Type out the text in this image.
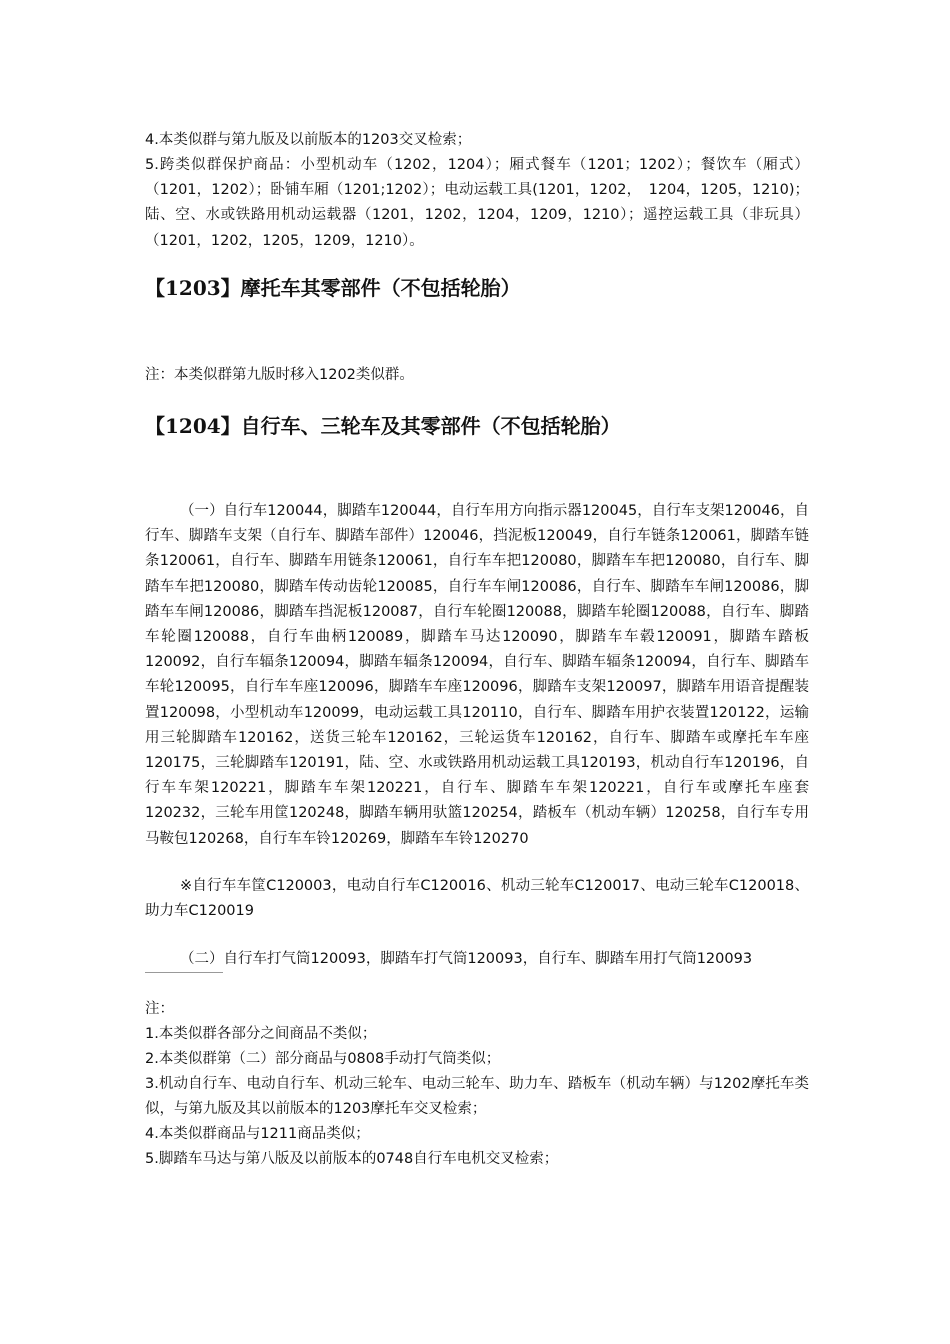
4.本类似群与第九版及以前版本的1203交叉检索；

5.跨类似群保护商品：小型机动车（1202，1204）；厢式餐车（1201；1202）；餐饮车（厢式）（1201，1202）；卧铺车厢（1201;1202）；电动运载工具(1201，1202，　1204，1205，1210)；陆、空、水或铁路用机动运载器（1201，1202，1204，1209，1210）；遥控运载工具（非玩具）（1201，1202，1205，1209，1210）。

【1203】摩托车其零部件（不包括轮胎）

注：本类似群第九版时移入1202类似群。

【1204】自行车、三轮车及其零部件（不包括轮胎）

（一）自行车120044，脚踏车120044，自行车用方向指示器120045，自行车支架120046，自行车、脚踏车支架（自行车、脚踏车部件）120046，挡泥板120049，自行车链条120061，脚踏车链条120061，自行车、脚踏车用链条120061，自行车车把120080，脚踏车车把120080，自行车、脚踏车车把120080，脚踏车传动齿轮120085，自行车车闸120086，自行车、脚踏车车闸120086，脚踏车车闸120086，脚踏车挡泥板120087，自行车轮圈120088，脚踏车轮圈120088，自行车、脚踏车轮圈120088，自行车曲柄120089，脚踏车马达120090，脚踏车车毂120091，脚踏车踏板120092，自行车辐条120094，脚踏车辐条120094，自行车、脚踏车辐条120094，自行车、脚踏车车轮120095，自行车车座120096，脚踏车车座120096，脚踏车支架120097，脚踏车用语音提醒装置120098，小型机动车120099，电动运载工具120110，自行车、脚踏车用护衣装置120122，运输用三轮脚踏车120162，送货三轮车120162，三轮运货车120162，自行车、脚踏车或摩托车车座120175，三轮脚踏车120191，陆、空、水或铁路用机动运载工具120193，机动自行车120196，自行车车架120221，脚踏车车架120221，自行车、脚踏车车架120221，自行车或摩托车座套120232，三轮车用筐120248，脚踏车辆用驮篮120254，踏板车（机动车辆）120258，自行车专用马鞍包120268，自行车车铃120269，脚踏车车铃120270

※自行车车筐C120003，电动自行车C120016、机动三轮车C120017、电动三轮车C120018、助力车C120019

（二）自行车打气筒120093，脚踏车打气筒120093，自行车、脚踏车用打气筒120093

注：

1.本类似群各部分之间商品不类似；

2.本类似群第（二）部分商品与0808手动打气筒类似；

3.机动自行车、电动自行车、机动三轮车、电动三轮车、助力车、踏板车（机动车辆）与1202摩托车类似，与第九版及其以前版本的1203摩托车交叉检索；

4.本类似群商品与1211商品类似；

5.脚踏车马达与第八版及以前版本的0748自行车电机交叉检索；
